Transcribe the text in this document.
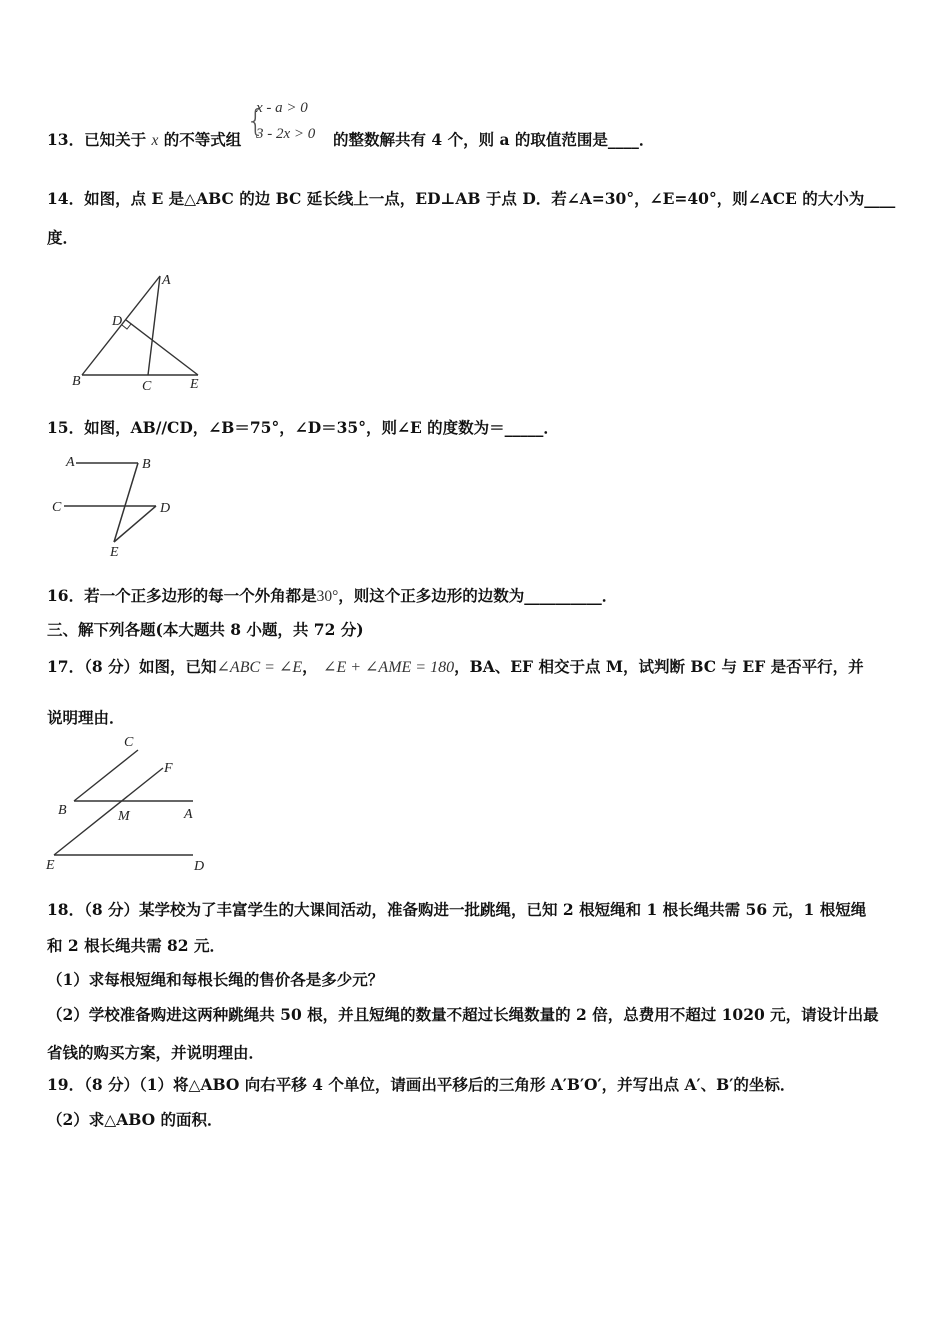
13．已知关于 x 的不等式组
{
x - a > 0
3 - 2x > 0 的整数解共有 4 个，则 a 的取值范围是____．
14．如图，点 E 是△ABC 的边 BC 延长线上一点，ED⊥AB 于点 D．若∠A=30°，∠E=40°，则∠ACE 的大小为____
度．
A
D
B	C	E
15．如图，AB//CD，∠B＝75°，∠D＝35°，则∠E 的度数为＝_____．
A	B
C	D
E
16．若一个正多边形的每一个外角都是30°，则这个正多边形的边数为__________．
三、解下列各题(本大题共 8 小题，共 72 分)
17．（8 分）如图，已知∠ABC = ∠E， ∠E + ∠AME = 180，BA、EF 相交于点 M，试判断 BC 与 EF 是否平行，并
说明理由．
C
F
B	M	A
E	D
18．（8 分）某学校为了丰富学生的大课间活动，准备购进一批跳绳，已知 2 根短绳和 1 根长绳共需 56 元，1 根短绳
和 2 根长绳共需 82 元．
（1）求每根短绳和每根长绳的售价各是多少元？
（2）学校准备购进这两种跳绳共 50 根，并且短绳的数量不超过长绳数量的 2 倍，总费用不超过 1020 元，请设计出最
省钱的购买方案，并说明理由．
19．（8 分）（1）将△ABO 向右平移 4 个单位，请画出平移后的三角形 A′B′O′，并写出点 A′、B′的坐标．
（2）求△ABO 的面积．
